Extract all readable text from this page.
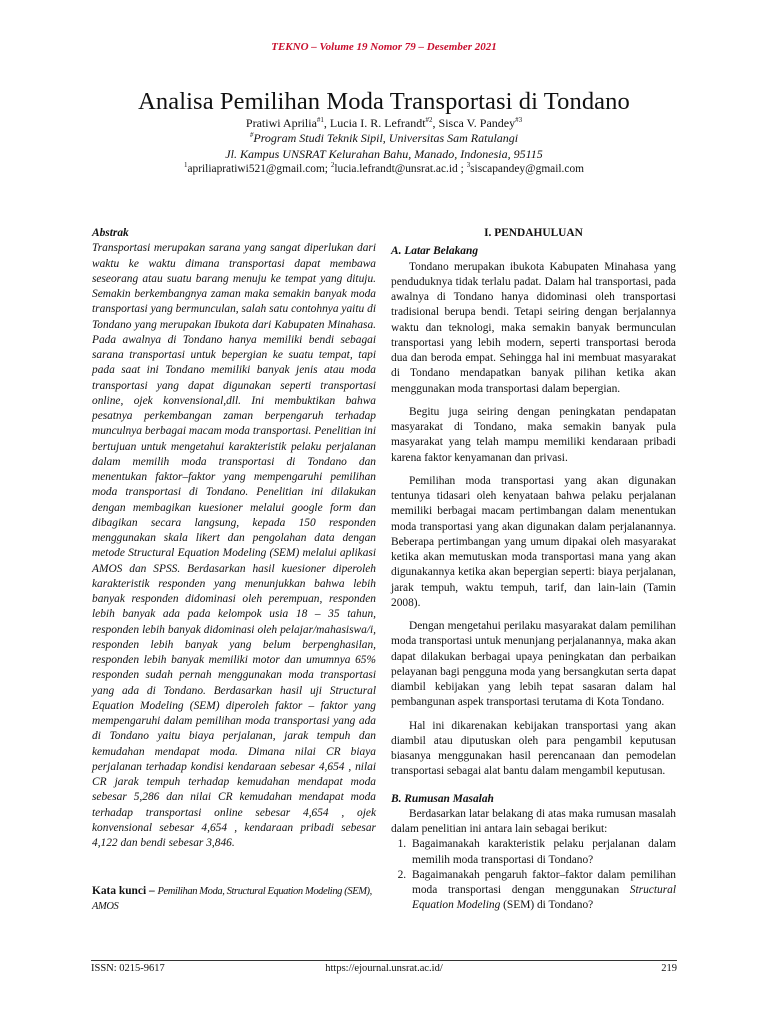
TEKNO – Volume 19 Nomor 79 – Desember 2021
Analisa Pemilihan Moda Transportasi di Tondano
Pratiwi Aprilia$^{\#1}$, Lucia I. R. Lefrandt$^{\#2}$, Sisca V. Pandey$^{\#3}$
#Program Studi Teknik Sipil, Universitas Sam Ratulangi
Jl. Kampus UNSRAT Kelurahan Bahu, Manado, Indonesia, 95115
$^1$apriliapratiwi521@gmail.com; $^2$lucia.lefrandt@unsrat.ac.id ; $^3$siscapandey@gmail.com

Abstrak

Transportasi merupakan sarana yang sangat diperlukan dari waktu ke waktu dimana transportasi dapat membawa seseorang atau suatu barang menuju ke tempat yang dituju. Semakin berkembangnya zaman maka semakin banyak moda transportasi yang bermunculan, salah satu contohnya yaitu di Tondano yang merupakan Ibukota dari Kabupaten Minahasa. Pada awalnya di Tondano hanya memiliki bendi sebagai sarana transportasi untuk bepergian ke suatu tempat, tapi pada saat ini Tondano memiliki banyak jenis atau moda transportasi yang dapat digunakan seperti transportasi online, ojek konvensional,dll. Ini membuktikan bahwa pesatnya perkembangan zaman berpengaruh terhadap munculnya berbagai macam moda transportasi. Penelitian ini bertujuan untuk mengetahui karakteristik pelaku perjalanan dalam memilih moda transportasi di Tondano dan menentukan faktor–faktor yang mempengaruhi pemilihan moda transportasi di Tondano. Penelitian ini dilakukan dengan membagikan kuesioner melalui google form dan dibagikan secara langsung, kepada 150 responden menggunakan skala likert dan pengolahan data dengan metode Structural Equation Modeling (SEM) melalui aplikasi AMOS dan SPSS. Berdasarkan hasil kuesioner diperoleh karakteristik responden yang menunjukkan bahwa lebih banyak responden didominasi oleh perempuan, responden lebih banyak ada pada kelompok usia 18 – 35 tahun, responden lebih banyak didominasi oleh pelajar/mahasiswa/i, responden lebih banyak yang belum berpenghasilan, responden lebih banyak memiliki motor dan umumnya 65% responden sudah pernah menggunakan moda transportasi yang ada di Tondano. Berdasarkan hasil uji Structural Equation Modeling (SEM) diperoleh faktor – faktor yang mempengaruhi dalam pemilihan moda transportasi yang ada di Tondano yaitu biaya perjalanan, jarak tempuh dan kemudahan mendapat moda. Dimana nilai CR biaya perjalanan terhadap kondisi kendaraan sebesar 4,654 , nilai CR jarak tempuh terhadap kemudahan mendapat moda sebesar 5,286 dan nilai CR kemudahan mendapat moda terhadap transportasi online sebesar 4,654 , ojek konvensional sebesar 4,654 , kendaraan pribadi sebesar 4,122 dan bendi sebesar 3,846.

Kata kunci – Pemilihan Moda, Structural Equation Modeling (SEM), AMOS

I. PENDAHULUAN

A. Latar Belakang

Tondano merupakan ibukota Kabupaten Minahasa yang penduduknya tidak terlalu padat. Dalam hal transportasi, pada awalnya di Tondano hanya didominasi oleh transportasi tradisional berupa bendi. Tetapi seiring dengan berjalannya waktu dan teknologi, maka semakin banyak bermunculan transportasi yang lebih modern, seperti transportasi beroda dua dan beroda empat. Sehingga hal ini membuat masyarakat di Tondano mendapatkan banyak pilihan ketika akan menggunakan moda transportasi dalam bepergian.

Begitu juga seiring dengan peningkatan pendapatan masyarakat di Tondano, maka semakin banyak pula masyarakat yang telah mampu memiliki kendaraan pribadi karena faktor kenyamanan dan privasi.

Pemilihan moda transportasi yang akan digunakan tentunya tidasari oleh kenyataan bahwa pelaku perjalanan memiliki berbagai macam pertimbangan dalam menentukan moda transportasi yang akan digunakan dalam perjalanannya. Beberapa pertimbangan yang umum dipakai oleh masyarakat ketika akan memutuskan moda transportasi mana yang akan digunakannya ketika akan bepergian seperti: biaya perjalanan, jarak tempuh, waktu tempuh, tarif, dan lain-lain (Tamin 2008).

Dengan mengetahui perilaku masyarakat dalam pemilihan moda transportasi untuk menunjang perjalanannya, maka akan dapat dilakukan berbagai upaya peningkatan dan perbaikan pelayanan bagi pengguna moda yang bersangkutan serta dapat diambil kebijakan yang lebih tepat sasaran dalam hal pembangunan aspek transportasi terutama di Kota Tondano.

Hal ini dikarenakan kebijakan transportasi yang akan diambil atau diputuskan oleh para pengambil keputusan biasanya menggunakan hasil perencanaan dan pemodelan transportasi sebagai alat bantu dalam mengambil keputusan.

B. Rumusan Masalah

Berdasarkan latar belakang di atas maka rumusan masalah dalam penelitian ini antara lain sebagai berikut:

1. Bagaimanakah karakteristik pelaku perjalanan dalam memilih moda transportasi di Tondano?
2. Bagaimanakah pengaruh faktor–faktor dalam pemilihan moda transportasi dengan menggunakan Structural Equation Modeling (SEM) di Tondano?
ISSN: 0215-9617	https://ejournal.unsrat.ac.id/	219
